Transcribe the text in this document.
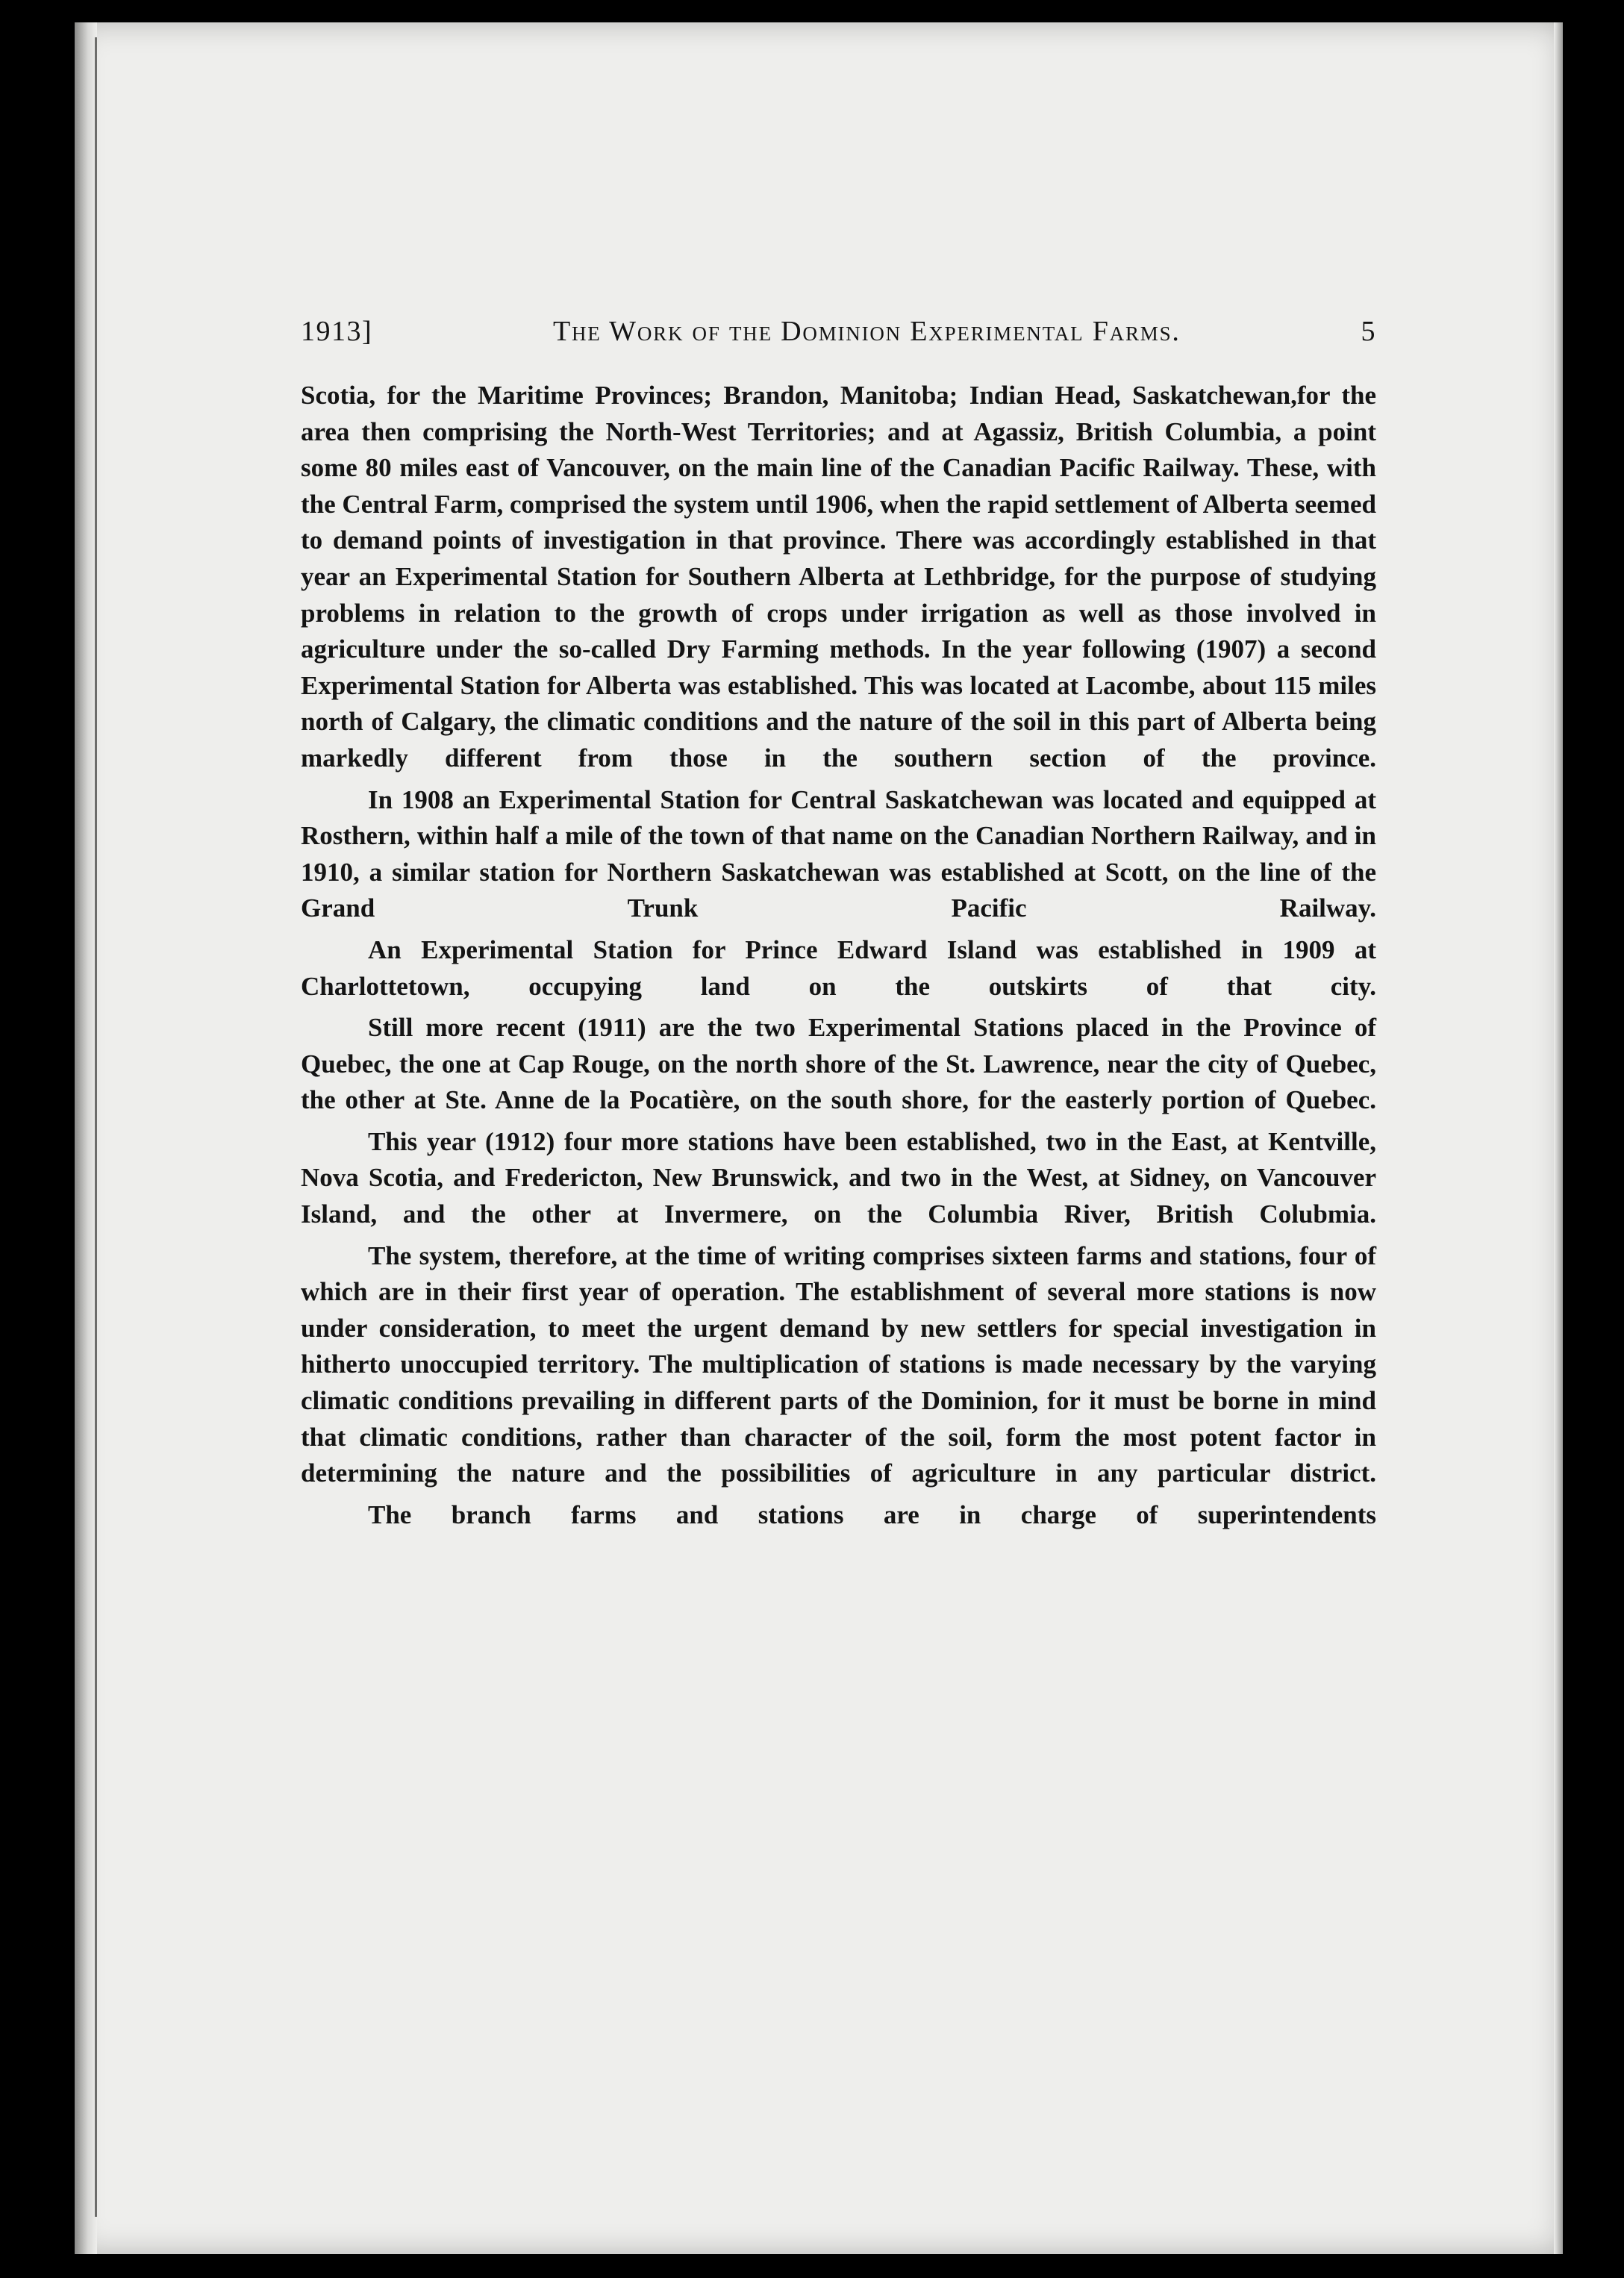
1913]	The Work of the Dominion Experimental Farms.	5

Scotia, for the Maritime Provinces; Brandon, Manitoba; Indian Head, Saskatchewan,for the area then comprising the North-West Territories; and at Agassiz, British Columbia, a point some 80 miles east of Vancouver, on the main line of the Canadian Pacific Railway. These, with the Central Farm, comprised the system until 1906, when the rapid settlement of Alberta seemed to demand points of investigation in that province. There was accordingly established in that year an Experimental Station for Southern Alberta at Lethbridge, for the purpose of studying problems in relation to the growth of crops under irrigation as well as those involved in agriculture under the so-called Dry Farming methods. In the year following (1907) a second Experimental Station for Alberta was established. This was located at Lacombe, about 115 miles north of Calgary, the climatic conditions and the nature of the soil in this part of Alberta being markedly different from those in the southern section of the province.

In 1908 an Experimental Station for Central Saskatchewan was located and equipped at Rosthern, within half a mile of the town of that name on the Canadian Northern Railway, and in 1910, a similar station for Northern Saskatchewan was established at Scott, on the line of the Grand Trunk Pacific Railway.

An Experimental Station for Prince Edward Island was established in 1909 at Charlottetown, occupying land on the outskirts of that city.

Still more recent (1911) are the two Experimental Stations placed in the Province of Quebec, the one at Cap Rouge, on the north shore of the St. Lawrence, near the city of Quebec, the other at Ste. Anne de la Pocatière, on the south shore, for the easterly portion of Quebec.

This year (1912) four more stations have been established, two in the East, at Kentville, Nova Scotia, and Fredericton, New Brunswick, and two in the West, at Sidney, on Vancouver Island, and the other at Invermere, on the Columbia River, British Colubmia.

The system, therefore, at the time of writing comprises sixteen farms and stations, four of which are in their first year of operation. The establishment of several more stations is now under consideration, to meet the urgent demand by new settlers for special investigation in hitherto unoccupied territory. The multiplication of stations is made necessary by the varying climatic conditions prevailing in different parts of the Dominion, for it must be borne in mind that climatic conditions, rather than character of the soil, form the most potent factor in determining the nature and the possibilities of agriculture in any particular district.

The branch farms and stations are in charge of superintendents
